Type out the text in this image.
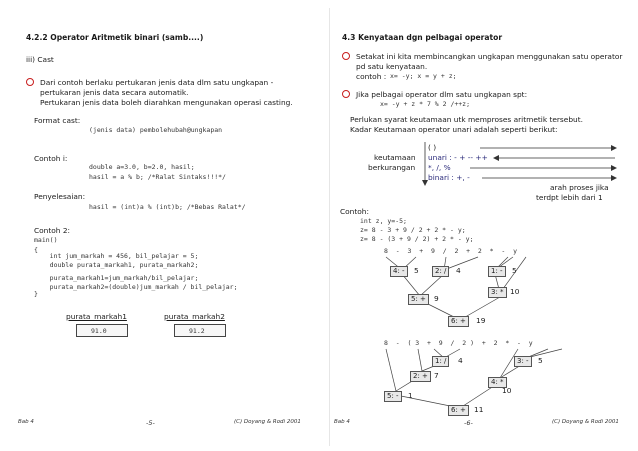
4.2.2 Operator Aritmetik binari (samb....)
iii) Cast
Dari contoh berlaku pertukaran jenis data dlm satu ungkapan -
pertukaran jenis data secara automatik.
Pertukaran jenis data boleh diarahkan mengunakan operasi casting.
Format cast:
(jenis data) pembolehubah@ungkapan
Contoh i:
double a=3.0, b=2.0, hasil;
hasil = a % b; /*Ralat Sintaks!!!*/
Penyelesaian:
hasil = (int)a % (int)b; /*Bebas Ralat*/
Contoh 2:
main()
{
int jum_markah = 456, bil_pelajar = 5;
double purata_markah1, purata_markah2;
purata_markah1=jum_markah/bil_pelajar;
purata_markah2=(double)jum_markah / bil_pelajar;
}
purata_markah1
91.0
purata_markah2
91.2
Bab 4	-5-	(C) Doyang & Rodi 2001
4.3 Kenyataan dgn pelbagai operator
Setakat ini kita membincangkan ungkapan menggunakan satu operator
pd satu kenyataan.
contoh : x= -y; x = y + z;
Jika pelbagai operator dlm satu ungkapan spt:
x= -y + z * 7 % 2 /++z;
Perlukan syarat keutamaan utk memproses aritmetik tersebut.
Kadar Keutamaan operator unari adalah seperti berikut:
( )
unari : - + -- ++
*, /, %
binari : +, -
keutamaan
berkurangan
arah proses jika
terdpt lebih dari 1
Contoh:
int z, y=-5;
z= 8 - 3 + 9 / 2 + 2 * - y;
z= 8 - (3 + 9 / 2) + 2 * - y;
8  -  3  +  9  /  2  +  2  *  -  y
4: -	5	2: /	4	1: -	5
3: * 10
5: +	9
6: +	19
8  -  ( 3  +  9  /  2 )  +  2  *  -  y
1: /	4	3: -	5
2: + 7
4: *
10
5: -	1
6: +	11
Bab 4	-6-	(C) Doyang & Rodi 2001
